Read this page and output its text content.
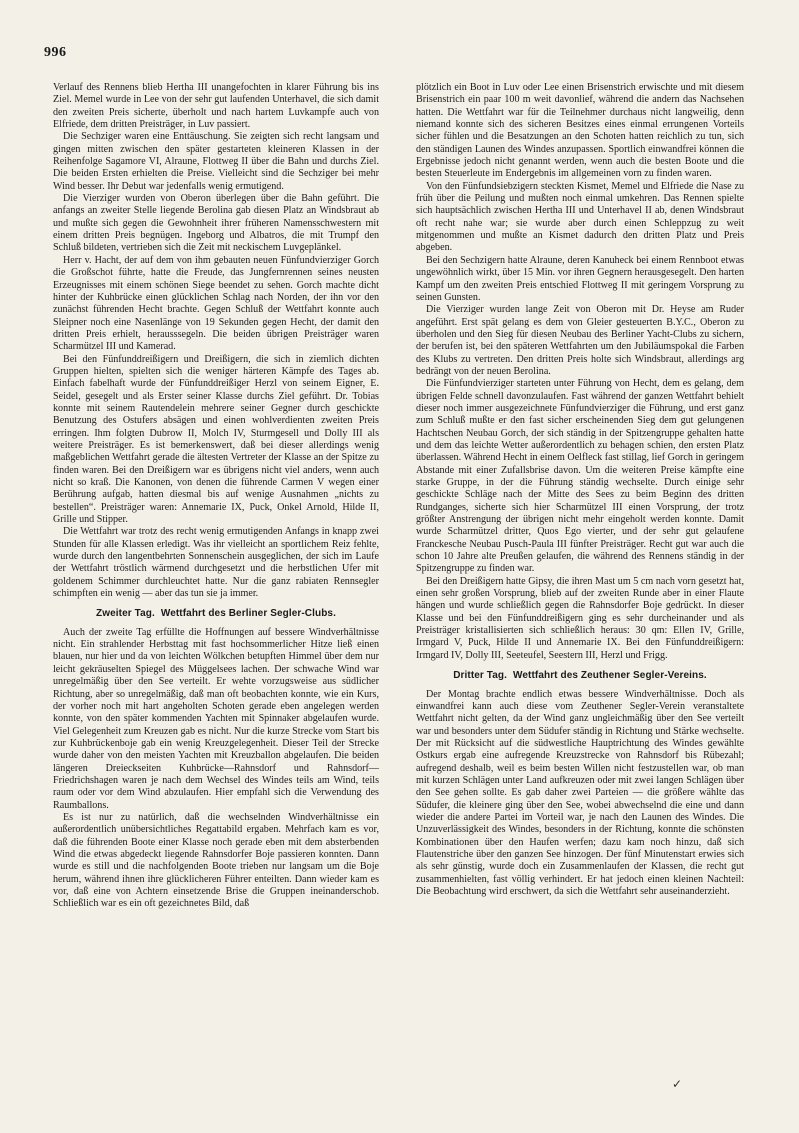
996

Verlauf des Rennens blieb Hertha III unangefochten in klarer Führung bis ins Ziel. Memel wurde in Lee von der sehr gut laufenden Unterhavel, die sich damit den zweiten Preis sicherte, überholt und nach hartem Luvkampfe auch von Elfriede, dem dritten Preisträger, in Luv passiert.

Die Sechziger waren eine Enttäuschung. Sie zeigten sich recht langsam und gingen mitten zwischen den später gestarteten kleineren Klassen in der Reihenfolge Sagamore VI, Alraune, Flottweg II über die Bahn und durchs Ziel. Die beiden Ersten erhielten die Preise. Vielleicht sind die Sechziger bei mehr Wind besser. Ihr Debut war jedenfalls wenig ermutigend.

Die Vierziger wurden von Oberon überlegen über die Bahn geführt. Die anfangs an zweiter Stelle liegende Berolina gab diesen Platz an Windsbraut ab und mußte sich gegen die Gewohnheit ihrer früheren Namensschwestern mit einem dritten Preis begnügen. Ingeborg und Albatros, die mit Trumpf den Schluß bildeten, vertrieben sich die Zeit mit neckischem Luvgeplänkel.

Herr v. Hacht, der auf dem von ihm gebauten neuen Fünfundvierziger Gorch die Großschot führte, hatte die Freude, das Jungfernrennen seines neusten Erzeugnisses mit einem schönen Siege beendet zu sehen. Gorch machte dicht hinter der Kuhbrücke einen glücklichen Schlag nach Norden, der ihn vor den zunächst führenden Hecht brachte. Gegen Schluß der Wettfahrt konnte auch Sleipner noch eine Nasenlänge von 19 Sekunden gegen Hecht, der damit den dritten Preis erhielt, herausssegeln. Die beiden übrigen Preisträger waren Scharmützel III und Kamerad.

Bei den Fünfunddreißigern und Dreißigern, die sich in ziemlich dichten Gruppen hielten, spielten sich die weniger härteren Kämpfe des Tages ab. Einfach fabelhaft wurde der Fünfunddreißiger Herzl von seinem Eigner, E. Seidel, gesegelt und als Erster seiner Klasse durchs Ziel geführt. Dr. Tobias konnte mit seinem Rautendelein mehrere seiner Gegner durch geschickte Benutzung des Ostufers absägen und einen wohlverdienten zweiten Preis erringen. Ihm folgten Dubrow II, Molch IV, Sturmgesell und Dolly III als weitere Preisträger. Es ist bemerkenswert, daß bei dieser allerdings wenig maßgeblichen Wettfahrt gerade die ältesten Vertreter der Klasse an der Spitze zu finden waren. Bei den Dreißigern war es übrigens nicht viel anders, wenn auch nicht so kraß. Die Kanonen, von denen die führende Carmen V wegen einer Berührung aufgab, hatten diesmal bis auf wenige Ausnahmen „nichts zu bestellen“. Preisträger waren: Annemarie IX, Puck, Onkel Arnold, Hilde II, Grille und Stipper.

Die Wettfahrt war trotz des recht wenig ermutigenden Anfangs in knapp zwei Stunden für alle Klassen erledigt. Was ihr vielleicht an sportlichem Reiz fehlte, wurde durch den langentbehrten Sonnenschein ausgeglichen, der sich im Laufe der Wettfahrt tröstlich wärmend durchgesetzt und die herbstlichen Ufer mit goldenem Schimmer durchleuchtet hatte. Nur die ganz rabiaten Rennsegler schimpften ein wenig — aber das tun sie ja immer.

Zweiter Tag. Wettfahrt des Berliner Segler-Clubs.

Auch der zweite Tag erfüllte die Hoffnungen auf bessere Windverhältnisse nicht. Ein strahlender Herbsttag mit fast hochsommerlicher Hitze ließ einen blauen, nur hier und da von leichten Wölkchen betupften Himmel über dem nur leicht gekräuselten Spiegel des Müggelsees lachen. Der schwache Wind war unregelmäßig über den See verteilt. Er wehte vorzugsweise aus südlicher Richtung, aber so unregelmäßig, daß man oft beobachten konnte, wie ein Kurs, der vorher noch mit hart angeholten Schoten gerade eben angelegen werden konnte, von den später kommenden Yachten mit Spinnaker abgelaufen wurde. Viel Gelegenheit zum Kreuzen gab es nicht. Nur die kurze Strecke vom Start bis zur Kuhbrückenboje gab ein wenig Kreuzgelegenheit. Dieser Teil der Strecke wurde daher von den meisten Yachten mit Kreuzballon abgelaufen. Die beiden längeren Dreieckseiten Kuhbrücke—Rahnsdorf und Rahnsdorf—Friedrichshagen waren je nach dem Wechsel des Windes teils am Wind, teils raum oder vor dem Wind abzulaufen. Hier empfahl sich die Verwendung des Raumballons.

Es ist nur zu natürlich, daß die wechselnden Windverhältnisse ein außerordentlich unübersichtliches Regattabild ergaben. Mehrfach kam es vor, daß die führenden Boote einer Klasse noch gerade eben mit dem absterbenden Wind die etwas abgedeckt liegende Rahnsdorfer Boje passieren konnten. Dann wurde es still und die nachfolgenden Boote trieben nur langsam um die Boje herum, während ihnen ihre glücklicheren Führer enteilten. Dann wieder kam es vor, daß eine von Achtern einsetzende Brise die Gruppen ineinanderschob. Schließlich war es ein oft gezeichnetes Bild, daß

plötzlich ein Boot in Luv oder Lee einen Brisenstrich erwischte und mit diesem Brisenstrich ein paar 100 m weit davonlief, während die andern das Nachsehen hatten. Die Wettfahrt war für die Teilnehmer durchaus nicht langweilig, denn niemand konnte sich des sicheren Besitzes eines einmal errungenen Vorteils sicher fühlen und die Besatzungen an den Schoten hatten reichlich zu tun, sich den ständigen Launen des Windes anzupassen. Sportlich einwandfrei können die Ergebnisse jedoch nicht genannt werden, wenn auch die besten Boote und die besten Steuerleute im Endergebnis im allgemeinen vorn zu finden waren.

Von den Fünfundsiebzigern steckten Kismet, Memel und Elfriede die Nase zu früh über die Peilung und mußten noch einmal umkehren. Das Rennen spielte sich hauptsächlich zwischen Hertha III und Unterhavel II ab, denen Windsbraut oft recht nahe war; sie wurde aber durch einen Schleppzug zu weit mitgenommen und mußte an Kismet dadurch den dritten Platz und Preis abgeben.

Bei den Sechzigern hatte Alraune, deren Kanuheck bei einem Rennboot etwas ungewöhnlich wirkt, über 15 Min. vor ihren Gegnern herausgesegelt. Den harten Kampf um den zweiten Preis entschied Flottweg II mit geringem Vorsprung zu seinen Gunsten.

Die Vierziger wurden lange Zeit von Oberon mit Dr. Heyse am Ruder angeführt. Erst spät gelang es dem von Gleier gesteuerten B.Y.C., Oberon zu überholen und den Sieg für diesen Neubau des Berliner Yacht-Clubs zu sichern, der berufen ist, bei den späteren Wettfahrten um den Jubiläumspokal die Farben des Klubs zu vertreten. Den dritten Preis holte sich Windsbraut, allerdings arg bedrängt von der neuen Berolina.

Die Fünfundvierziger starteten unter Führung von Hecht, dem es gelang, dem übrigen Felde schnell davonzulaufen. Fast während der ganzen Wettfahrt behielt dieser noch immer ausgezeichnete Fünfundvierziger die Führung, und erst ganz zum Schluß mußte er den fast sicher erscheinenden Sieg dem gut gelungenen Hachtschen Neubau Gorch, der sich ständig in der Spitzengruppe gehalten hatte und dem das leichte Wetter außerordentlich zu behagen schien, den ersten Platz überlassen. Während Hecht in einem Oelfleck fast stillag, lief Gorch in geringem Abstande mit einer Zufallsbrise davon. Um die weiteren Preise kämpfte eine starke Gruppe, in der die Führung ständig wechselte. Durch einige sehr geschickte Schläge nach der Mitte des Sees zu beim Beginn des dritten Rundganges, sicherte sich hier Scharmützel III einen Vorsprung, der trotz größter Anstrengung der übrigen nicht mehr eingeholt werden konnte. Damit wurde Scharmützel dritter, Quos Ego vierter, und der sehr gut gelaufene Franckesche Neubau Pusch-Paula III fünfter Preisträger. Recht gut war auch die schon 10 Jahre alte Preußen gelaufen, die während des Rennens ständig in der Spitzengruppe zu finden war.

Bei den Dreißigern hatte Gipsy, die ihren Mast um 5 cm nach vorn gesetzt hat, einen sehr großen Vorsprung, blieb auf der zweiten Runde aber in einer Flaute hängen und wurde schließlich gegen die Rahnsdorfer Boje gedrückt. In dieser Klasse und bei den Fünfunddreißigern ging es sehr durcheinander und als Preisträger kristallisierten sich schließlich heraus: 30 qm: Ellen IV, Grille, Irmgard V, Puck, Hilde II und Annemarie IX. Bei den Fünfunddreißigern: Irmgard IV, Dolly III, Seeteufel, Seestern III, Herzl und Frigg.

Dritter Tag. Wettfahrt des Zeuthener Segler-Vereins.

Der Montag brachte endlich etwas bessere Windverhältnisse. Doch als einwandfrei kann auch diese vom Zeuthener Segler-Verein veranstaltete Wettfahrt nicht gelten, da der Wind ganz ungleichmäßig über den See verteilt war und besonders unter dem Südufer ständig in Richtung und Stärke wechselte. Der mit Rücksicht auf die südwestliche Hauptrichtung des Windes gewählte Ostkurs ergab eine aufregende Kreuzstrecke von Rahnsdorf bis Rübezahl; aufregend deshalb, weil es beim besten Willen nicht festzustellen war, ob man mit kurzen Schlägen unter Land aufkreuzen oder mit zwei langen Schlägen über den See gehen sollte. Es gab daher zwei Parteien — die größere wählte das Südufer, die kleinere ging über den See, wobei abwechselnd die eine und dann wieder die andere Partei im Vorteil war, je nach den Launen des Windes. Die Unzuverlässigkeit des Windes, besonders in der Richtung, konnte die schönsten Kombinationen über den Haufen werfen; dazu kam noch hinzu, daß sich Flautenstriche über den ganzen See hinzogen. Der fünf Minutenstart erwies sich als sehr günstig, wurde doch ein Zusammenlaufen der Klassen, die recht gut zusammenhielten, fast völlig verhindert. Er hat jedoch einen kleinen Nachteil: Die Beobachtung wird erschwert, da sich die Wettfahrt sehr auseinanderzieht.

✓
